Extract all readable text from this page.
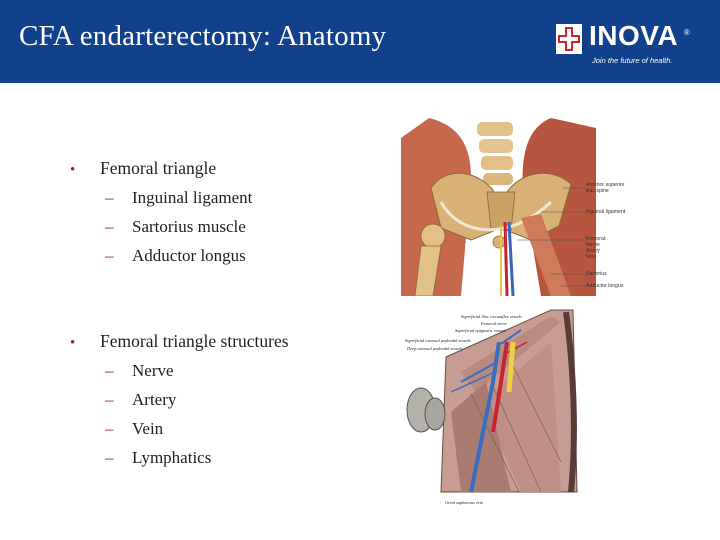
CFA endarterectomy: Anatomy	INOVA ®
Join the future of health.
• Femoral triangle
– Inguinal ligament
– Sartorius muscle
– Adductor longus
• Femoral triangle structures
– Nerve
– Artery
– Vein
– Lymphatics
Anterior superior
iliac spine
Inguinal ligament
Femoral:
Nerve
Artery
Vein
Sartorius
Adductor longus
Superficial iliac circumflex vessels
Femoral nerve
Superficial epigastric vessels
Superficial external pudendal vessels
Deep external pudendal vessels
Great saphenous vein
